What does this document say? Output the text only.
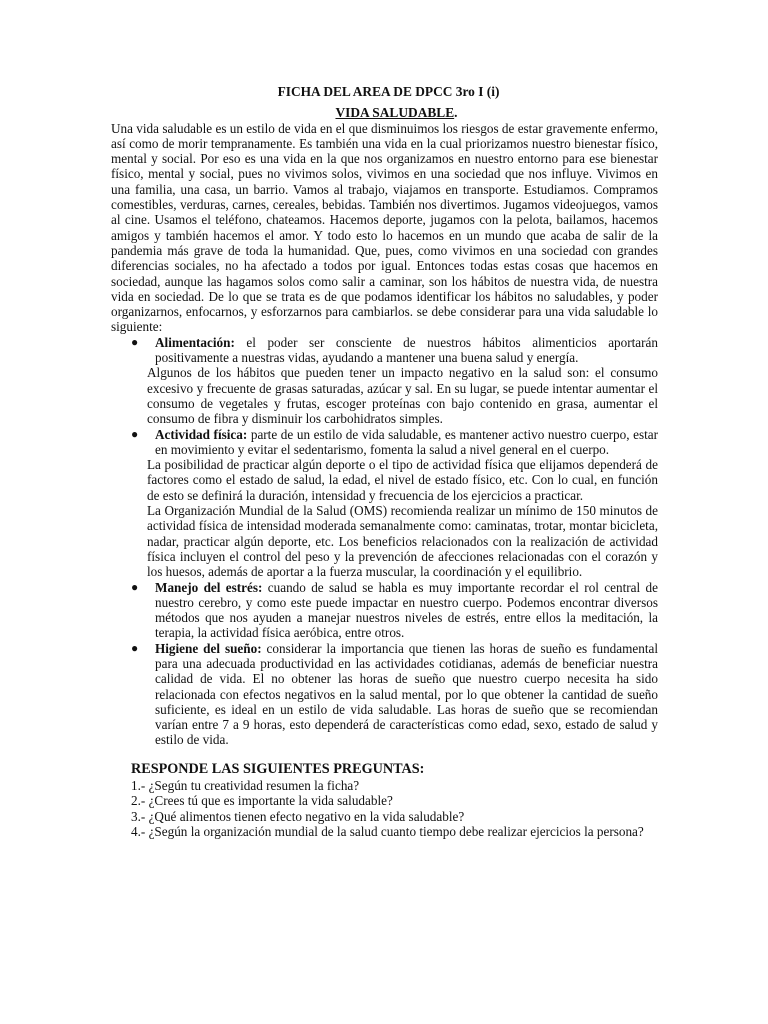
FICHA DEL AREA DE DPCC 3ro I (i)
VIDA SALUDABLE.

Una vida saludable es un estilo de vida en el que disminuimos los riesgos de estar gravemente enfermo, así como de morir tempranamente. Es también una vida en la cual priorizamos nuestro bienestar físico, mental y social. Por eso es una vida en la que nos organizamos en nuestro entorno para ese bienestar físico, mental y social, pues no vivimos solos, vivimos en una sociedad que nos influye. Vivimos en una familia, una casa, un barrio. Vamos al trabajo, viajamos en transporte. Estudiamos. Compramos comestibles, verduras, carnes, cereales, bebidas. También nos divertimos. Jugamos videojuegos, vamos al cine. Usamos el teléfono, chateamos. Hacemos deporte, jugamos con la pelota, bailamos, hacemos amigos y también hacemos el amor. Y todo esto lo hacemos en un mundo que acaba de salir de la pandemia más grave de toda la humanidad. Que, pues, como vivimos en una sociedad con grandes diferencias sociales, no ha afectado a todos por igual. Entonces todas estas cosas que hacemos en sociedad, aunque las hagamos solos como salir a caminar, son los hábitos de nuestra vida, de nuestra vida en sociedad. De lo que se trata es de que podamos identificar los hábitos no saludables, y poder organizarnos, enfocarnos, y esforzarnos para cambiarlos. se debe considerar para una vida saludable lo siguiente:

● Alimentación: el poder ser consciente de nuestros hábitos alimenticios aportarán positivamente a nuestras vidas, ayudando a mantener una buena salud y energía.

Algunos de los hábitos que pueden tener un impacto negativo en la salud son: el consumo excesivo y frecuente de grasas saturadas, azúcar y sal. En su lugar, se puede intentar aumentar el consumo de vegetales y frutas, escoger proteínas con bajo contenido en grasa, aumentar el consumo de fibra y disminuir los carbohidratos simples.

● Actividad física: parte de un estilo de vida saludable, es mantener activo nuestro cuerpo, estar en movimiento y evitar el sedentarismo, fomenta la salud a nivel general en el cuerpo.

La posibilidad de practicar algún deporte o el tipo de actividad física que elijamos dependerá de factores como el estado de salud, la edad, el nivel de estado físico, etc. Con lo cual, en función de esto se definirá la duración, intensidad y frecuencia de los ejercicios a practicar.

La Organización Mundial de la Salud (OMS) recomienda realizar un mínimo de 150 minutos de actividad física de intensidad moderada semanalmente como: caminatas, trotar, montar bicicleta, nadar, practicar algún deporte, etc. Los beneficios relacionados con la realización de actividad física incluyen el control del peso y la prevención de afecciones relacionadas con el corazón y los huesos, además de aportar a la fuerza muscular, la coordinación y el equilibrio.

● Manejo del estrés: cuando de salud se habla es muy importante recordar el rol central de nuestro cerebro, y como este puede impactar en nuestro cuerpo. Podemos encontrar diversos métodos que nos ayuden a manejar nuestros niveles de estrés, entre ellos la meditación, la terapia, la actividad física aeróbica, entre otros.
● Higiene del sueño: considerar la importancia que tienen las horas de sueño es fundamental para una adecuada productividad en las actividades cotidianas, además de beneficiar nuestra calidad de vida. El no obtener las horas de sueño que nuestro cuerpo necesita ha sido relacionada con efectos negativos en la salud mental, por lo que obtener la cantidad de sueño suficiente, es ideal en un estilo de vida saludable. Las horas de sueño que se recomiendan varían entre 7 a 9 horas, esto dependerá de características como edad, sexo, estado de salud y estilo de vida.
RESPONDE LAS SIGUIENTES PREGUNTAS:
1.- ¿Según tu creatividad resumen la ficha?
2.- ¿Crees tú que es importante la vida saludable?
3.- ¿Qué alimentos tienen efecto negativo en la vida saludable?
4.- ¿Según la organización mundial de la salud cuanto tiempo debe realizar ejercicios la persona?
